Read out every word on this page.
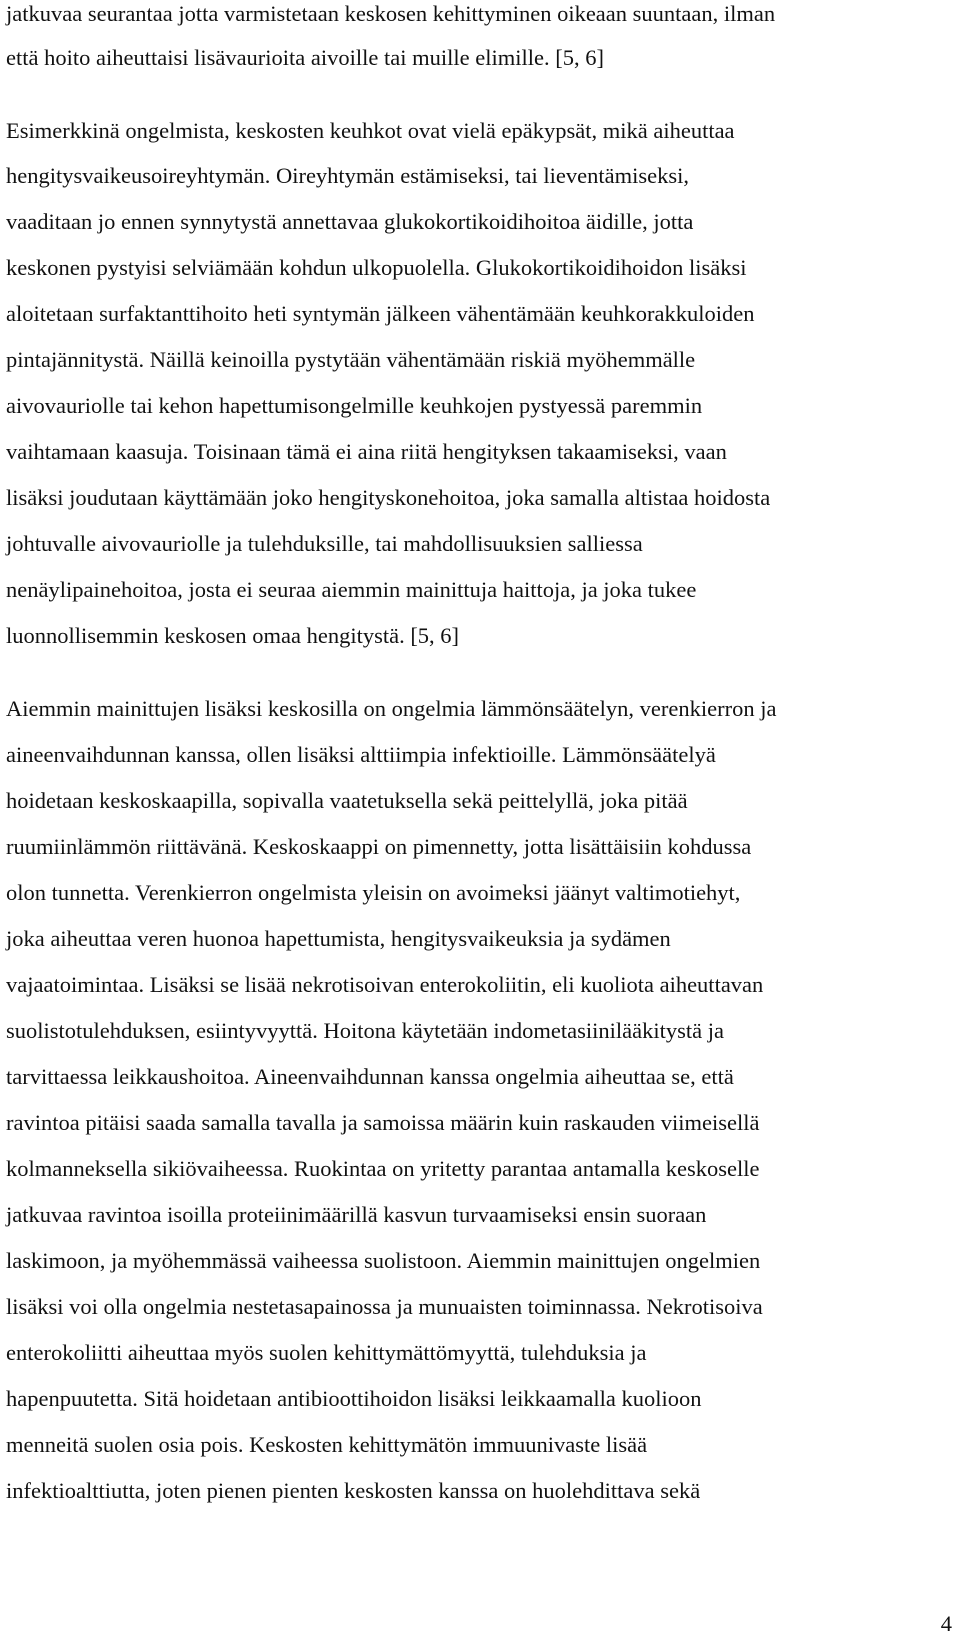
jatkuvaa seurantaa jotta varmistetaan keskosen kehittyminen oikeaan suuntaan, ilman
että hoito aiheuttaisi lisävaurioita aivoille tai muille elimille. [5, 6]
Esimerkkinä ongelmista, keskosten keuhkot ovat vielä epäkypsät, mikä aiheuttaa
hengitysvaikeusoireyhtymän. Oireyhtymän estämiseksi, tai lieventämiseksi,
vaaditaan jo ennen synnytystä annettavaa glukokortikoidihoitoa äidille, jotta
keskonen pystyisi selviämään kohdun ulkopuolella. Glukokortikoidihoidon lisäksi
aloitetaan surfaktanttihoito heti syntymän jälkeen vähentämään keuhkorakkuloiden
pintajännitystä. Näillä keinoilla pystytään vähentämään riskiä myöhemmälle
aivovauriolle tai kehon hapettumisongelmille keuhkojen pystyessä paremmin
vaihtamaan kaasuja. Toisinaan tämä ei aina riitä hengityksen takaamiseksi, vaan
lisäksi joudutaan käyttämään joko hengityskonehoitoa, joka samalla altistaa hoidosta
johtuvalle aivovauriolle ja tulehduksille, tai mahdollisuuksien salliessa
nenäylipainehoitoa, josta ei seuraa aiemmin mainittuja haittoja, ja joka tukee
luonnollisemmin keskosen omaa hengitystä. [5, 6]
Aiemmin mainittujen lisäksi keskosilla on ongelmia lämmönsäätelyn, verenkierron ja
aineenvaihdunnan kanssa, ollen lisäksi alttiimpia infektioille. Lämmönsäätelyä
hoidetaan keskoskaapilla, sopivalla vaatetuksella sekä peittelyllä, joka pitää
ruumiinlämmön riittävänä. Keskoskaappi on pimennetty, jotta lisättäisiin kohdussa
olon tunnetta. Verenkierron ongelmista yleisin on avoimeksi jäänyt valtimotiehyt,
joka aiheuttaa veren huonoa hapettumista, hengitysvaikeuksia ja sydämen
vajaatoimintaa. Lisäksi se lisää nekrotisoivan enterokoliitin, eli kuoliota aiheuttavan
suolistotulehduksen, esiintyvyyttä. Hoitona käytetään indometasiinilääkitystä ja
tarvittaessa leikkaushoitoa. Aineenvaihdunnan kanssa ongelmia aiheuttaa se, että
ravintoa pitäisi saada samalla tavalla ja samoissa määrin kuin raskauden viimeisellä
kolmanneksella sikiövaiheessa. Ruokintaa on yritetty parantaa antamalla keskoselle
jatkuvaa ravintoa isoilla proteiinimäärillä kasvun turvaamiseksi ensin suoraan
laskimoon, ja myöhemmässä vaiheessa suolistoon. Aiemmin mainittujen ongelmien
lisäksi voi olla ongelmia nestetasapainossa ja munuaisten toiminnassa. Nekrotisoiva
enterokoliitti aiheuttaa myös suolen kehittymättömyyttä, tulehduksia ja
hapenpuutetta. Sitä hoidetaan antibioottihoidon lisäksi leikkaamalla kuolioon
menneitä suolen osia pois. Keskosten kehittymätön immuunivaste lisää
infektioalttiutta, joten pienen pienten keskosten kanssa on huolehdittava sekä
4
